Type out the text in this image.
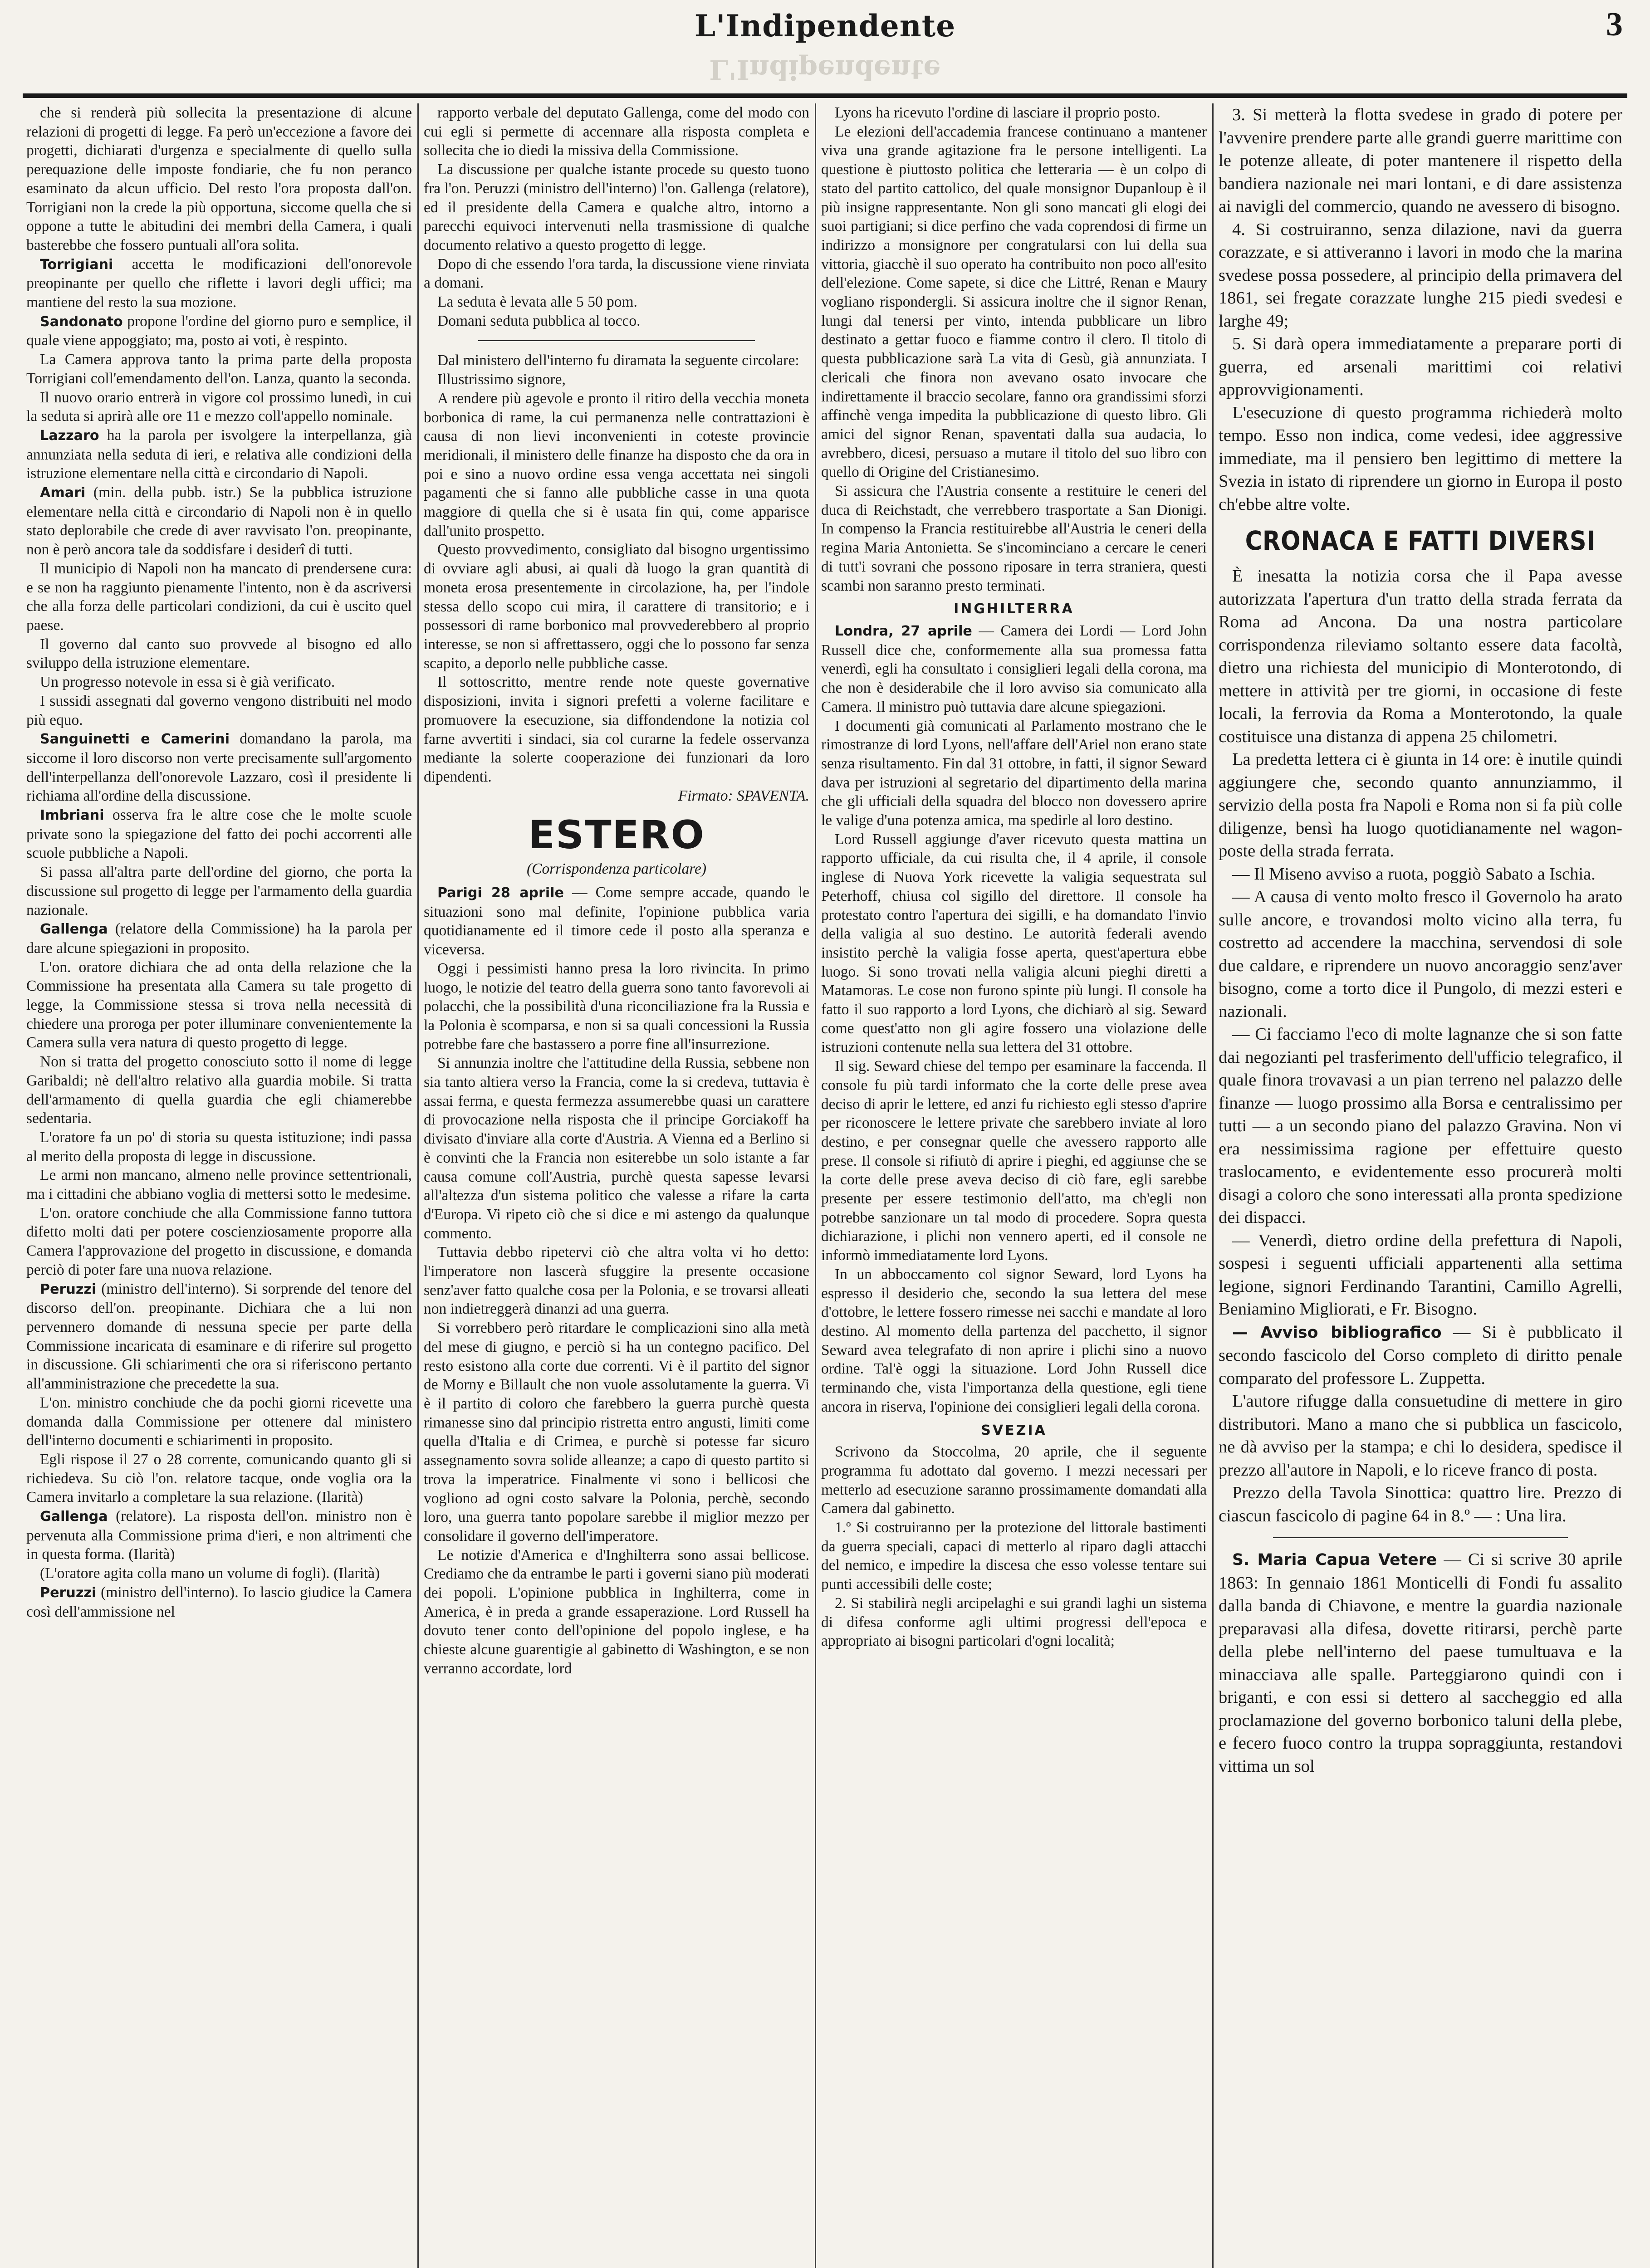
L'Indipendente
L'Indipendente	3

che si renderà più sollecita la presentazione di alcune relazioni di progetti di legge. Fa però un'eccezione a favore dei progetti, dichiarati d'urgenza e specialmente di quello sulla perequazione delle imposte fondiarie, che fu non peranco esaminato da alcun ufficio. Del resto l'ora proposta dall'on. Torrigiani non la crede la più opportuna, siccome quella che si oppone a tutte le abitudini dei membri della Camera, i quali basterebbe che fossero puntuali all'ora solita.

Torrigiani accetta le modificazioni dell'onorevole preopinante per quello che riflette i lavori degli uffici; ma mantiene del resto la sua mozione.

Sandonato propone l'ordine del giorno puro e semplice, il quale viene appoggiato; ma, posto ai voti, è respinto.

La Camera approva tanto la prima parte della proposta Torrigiani coll'emendamento dell'on. Lanza, quanto la seconda.

Il nuovo orario entrerà in vigore col prossimo lunedì, in cui la seduta si aprirà alle ore 11 e mezzo coll'appello nominale.

Lazzaro ha la parola per isvolgere la interpellanza, già annunziata nella seduta di ieri, e relativa alle condizioni della istruzione elementare nella città e circondario di Napoli.

Amari (min. della pubb. istr.) Se la pubblica istruzione elementare nella città e circondario di Napoli non è in quello stato deplorabile che crede di aver ravvisato l'on. preopinante, non è però ancora tale da soddisfare i desiderî di tutti.

Il municipio di Napoli non ha mancato di prendersene cura: e se non ha raggiunto pienamente l'intento, non è da ascriversi che alla forza delle particolari condizioni, da cui è uscito quel paese.

Il governo dal canto suo provvede al bisogno ed allo sviluppo della istruzione elementare.

Un progresso notevole in essa si è già verificato.

I sussidi assegnati dal governo vengono distribuiti nel modo più equo.

Sanguinetti e Camerini domandano la parola, ma siccome il loro discorso non verte precisamente sull'argomento dell'interpellanza dell'onorevole Lazzaro, così il presidente li richiama all'ordine della discussione.

Imbriani osserva fra le altre cose che le molte scuole private sono la spiegazione del fatto dei pochi accorrenti alle scuole pubbliche a Napoli.

Si passa all'altra parte dell'ordine del giorno, che porta la discussione sul progetto di legge per l'armamento della guardia nazionale.

Gallenga (relatore della Commissione) ha la parola per dare alcune spiegazioni in proposito.

L'on. oratore dichiara che ad onta della relazione che la Commissione ha presentata alla Camera su tale progetto di legge, la Commissione stessa si trova nella necessità di chiedere una proroga per poter illuminare convenientemente la Camera sulla vera natura di questo progetto di legge.

Non si tratta del progetto conosciuto sotto il nome di legge Garibaldi; nè dell'altro relativo alla guardia mobile. Si tratta dell'armamento di quella guardia che egli chiamerebbe sedentaria.

L'oratore fa un po' di storia su questa istituzione; indi passa al merito della proposta di legge in discussione.

Le armi non mancano, almeno nelle province settentrionali, ma i cittadini che abbiano voglia di mettersi sotto le medesime.

L'on. oratore conchiude che alla Commissione fanno tuttora difetto molti dati per potere coscienziosamente proporre alla Camera l'approvazione del progetto in discussione, e domanda perciò di poter fare una nuova relazione.

Peruzzi (ministro dell'interno). Si sorprende del tenore del discorso dell'on. preopinante. Dichiara che a lui non pervennero domande di nessuna specie per parte della Commissione incaricata di esaminare e di riferire sul progetto in discussione. Gli schiarimenti che ora si riferiscono pertanto all'amministrazione che precedette la sua.

L'on. ministro conchiude che da pochi giorni ricevette una domanda dalla Commissione per ottenere dal ministero dell'interno documenti e schiarimenti in proposito.

Egli rispose il 27 o 28 corrente, comunicando quanto gli si richiedeva. Su ciò l'on. relatore tacque, onde voglia ora la Camera invitarlo a completare la sua relazione. (Ilarità)

Gallenga (relatore). La risposta dell'on. ministro non è pervenuta alla Commissione prima d'ieri, e non altrimenti che in questa forma. (Ilarità)

(L'oratore agita colla mano un volume di fogli). (Ilarità)

Peruzzi (ministro dell'interno). Io lascio giudice la Camera così dell'ammissione nel

rapporto verbale del deputato Gallenga, come del modo con cui egli si permette di accennare alla risposta completa e sollecita che io diedi la missiva della Commissione.

La discussione per qualche istante procede su questo tuono fra l'on. Peruzzi (ministro dell'interno) l'on. Gallenga (relatore), ed il presidente della Camera e qualche altro, intorno a parecchi equivoci intervenuti nella trasmissione di qualche documento relativo a questo progetto di legge.

Dopo di che essendo l'ora tarda, la discussione viene rinviata a domani.

La seduta è levata alle 5 50 pom.

Domani seduta pubblica al tocco.

Dal ministero dell'interno fu diramata la seguente circolare:

Illustrissimo signore,

A rendere più agevole e pronto il ritiro della vecchia moneta borbonica di rame, la cui permanenza nelle contrattazioni è causa di non lievi inconvenienti in coteste provincie meridionali, il ministero delle finanze ha disposto che da ora in poi e sino a nuovo ordine essa venga accettata nei singoli pagamenti che si fanno alle pubbliche casse in una quota maggiore di quella che si è usata fin qui, come apparisce dall'unito prospetto.

Questo provvedimento, consigliato dal bisogno urgentissimo di ovviare agli abusi, ai quali dà luogo la gran quantità di moneta erosa presentemente in circolazione, ha, per l'indole stessa dello scopo cui mira, il carattere di transitorio; e i possessori di rame borbonico mal provvederebbero al proprio interesse, se non si affrettassero, oggi che lo possono far senza scapito, a deporlo nelle pubbliche casse.

Il sottoscritto, mentre rende note queste governative disposizioni, invita i signori prefetti a volerne facilitare e promuovere la esecuzione, sia diffondendone la notizia col farne avvertiti i sindaci, sia col curarne la fedele osservanza mediante la solerte cooperazione dei funzionari da loro dipendenti.

Firmato: SPAVENTA.

ESTERO
(Corrispondenza particolare)

Parigi 28 aprile — Come sempre accade, quando le situazioni sono mal definite, l'opinione pubblica varia quotidianamente ed il timore cede il posto alla speranza e viceversa.

Oggi i pessimisti hanno presa la loro rivincita. In primo luogo, le notizie del teatro della guerra sono tanto favorevoli ai polacchi, che la possibilità d'una riconciliazione fra la Russia e la Polonia è scomparsa, e non si sa quali concessioni la Russia potrebbe fare che bastassero a porre fine all'insurrezione.

Si annunzia inoltre che l'attitudine della Russia, sebbene non sia tanto altiera verso la Francia, come la si credeva, tuttavia è assai ferma, e questa fermezza assumerebbe quasi un carattere di provocazione nella risposta che il principe Gorciakoff ha divisato d'inviare alla corte d'Austria. A Vienna ed a Berlino si è convinti che la Francia non esiterebbe un solo istante a far causa comune coll'Austria, purchè questa sapesse levarsi all'altezza d'un sistema politico che valesse a rifare la carta d'Europa. Vi ripeto ciò che si dice e mi astengo da qualunque commento.

Tuttavia debbo ripetervi ciò che altra volta vi ho detto: l'imperatore non lascerà sfuggire la presente occasione senz'aver fatto qualche cosa per la Polonia, e se trovarsi alleati non indietreggerà dinanzi ad una guerra.

Si vorrebbero però ritardare le complicazioni sino alla metà del mese di giugno, e perciò si ha un contegno pacifico. Del resto esistono alla corte due correnti. Vi è il partito del signor de Morny e Billault che non vuole assolutamente la guerra. Vi è il partito di coloro che farebbero la guerra purchè questa rimanesse sino dal principio ristretta entro angusti, limiti come quella d'Italia e di Crimea, e purchè si potesse far sicuro assegnamento sovra solide alleanze; a capo di questo partito si trova la imperatrice. Finalmente vi sono i bellicosi che vogliono ad ogni costo salvare la Polonia, perchè, secondo loro, una guerra tanto popolare sarebbe il miglior mezzo per consolidare il governo dell'imperatore.

Le notizie d'America e d'Inghilterra sono assai bellicose. Crediamo che da entrambe le parti i governi siano più moderati dei popoli. L'opinione pubblica in Inghilterra, come in America, è in preda a grande essaperazione. Lord Russell ha dovuto tener conto dell'opinione del popolo inglese, e ha chieste alcune guarentigie al gabinetto di Washington, e se non verranno accordate, lord

Lyons ha ricevuto l'ordine di lasciare il proprio posto.

Le elezioni dell'accademia francese continuano a mantener viva una grande agitazione fra le persone intelligenti. La questione è piuttosto politica che letteraria — è un colpo di stato del partito cattolico, del quale monsignor Dupanloup è il più insigne rappresentante. Non gli sono mancati gli elogi dei suoi partigiani; si dice perfino che vada coprendosi di firme un indirizzo a monsignore per congratularsi con lui della sua vittoria, giacchè il suo operato ha contribuito non poco all'esito dell'elezione. Come sapete, si dice che Littré, Renan e Maury vogliano rispondergli. Si assicura inoltre che il signor Renan, lungi dal tenersi per vinto, intenda pubblicare un libro destinato a gettar fuoco e fiamme contro il clero. Il titolo di questa pubblicazione sarà La vita di Gesù, già annunziata. I clericali che finora non avevano osato invocare che indirettamente il braccio secolare, fanno ora grandissimi sforzi affinchè venga impedita la pubblicazione di questo libro. Gli amici del signor Renan, spaventati dalla sua audacia, lo avrebbero, dicesi, persuaso a mutare il titolo del suo libro con quello di Origine del Cristianesimo.

Si assicura che l'Austria consente a restituire le ceneri del duca di Reichstadt, che verrebbero trasportate a San Dionigi. In compenso la Francia restituirebbe all'Austria le ceneri della regina Maria Antonietta. Se s'incominciano a cercare le ceneri di tutt'i sovrani che possono riposare in terra straniera, questi scambi non saranno presto terminati.

INGHILTERRA

Londra, 27 aprile — Camera dei Lordi — Lord John Russell dice che, conformemente alla sua promessa fatta venerdì, egli ha consultato i consiglieri legali della corona, ma che non è desiderabile che il loro avviso sia comunicato alla Camera. Il ministro può tuttavia dare alcune spiegazioni.

I documenti già comunicati al Parlamento mostrano che le rimostranze di lord Lyons, nell'affare dell'Ariel non erano state senza risultamento. Fin dal 31 ottobre, in fatti, il signor Seward dava per istruzioni al segretario del dipartimento della marina che gli ufficiali della squadra del blocco non dovessero aprire le valige d'una potenza amica, ma spedirle al loro destino.

Lord Russell aggiunge d'aver ricevuto questa mattina un rapporto ufficiale, da cui risulta che, il 4 aprile, il console inglese di Nuova York ricevette la valigia sequestrata sul Peterhoff, chiusa col sigillo del direttore. Il console ha protestato contro l'apertura dei sigilli, e ha domandato l'invio della valigia al suo destino. Le autorità federali avendo insistito perchè la valigia fosse aperta, quest'apertura ebbe luogo. Si sono trovati nella valigia alcuni pieghi diretti a Matamoras. Le cose non furono spinte più lungi. Il console ha fatto il suo rapporto a lord Lyons, che dichiarò al sig. Seward come quest'atto non gli agire fossero una violazione delle istruzioni contenute nella sua lettera del 31 ottobre.

Il sig. Seward chiese del tempo per esaminare la faccenda. Il console fu più tardi informato che la corte delle prese avea deciso di aprir le lettere, ed anzi fu richiesto egli stesso d'aprire per riconoscere le lettere private che sarebbero inviate al loro destino, e per consegnar quelle che avessero rapporto alle prese. Il console si rifiutò di aprire i pieghi, ed aggiunse che se la corte delle prese aveva deciso di ciò fare, egli sarebbe presente per essere testimonio dell'atto, ma ch'egli non potrebbe sanzionare un tal modo di procedere. Sopra questa dichiarazione, i plichi non vennero aperti, ed il console ne informò immediatamente lord Lyons.

In un abboccamento col signor Seward, lord Lyons ha espresso il desiderio che, secondo la sua lettera del mese d'ottobre, le lettere fossero rimesse nei sacchi e mandate al loro destino. Al momento della partenza del pacchetto, il signor Seward avea telegrafato di non aprire i plichi sino a nuovo ordine. Tal'è oggi la situazione. Lord John Russell dice terminando che, vista l'importanza della questione, egli tiene ancora in riserva, l'opinione dei consiglieri legali della corona.

SVEZIA

Scrivono da Stoccolma, 20 aprile, che il seguente programma fu adottato dal governo. I mezzi necessari per metterlo ad esecuzione saranno prossimamente domandati alla Camera dal gabinetto.

1.º Si costruiranno per la protezione del littorale bastimenti da guerra speciali, capaci di metterlo al riparo dagli attacchi del nemico, e impedire la discesa che esso volesse tentare sui punti accessibili delle coste;

2. Si stabilirà negli arcipelaghi e sui grandi laghi un sistema di difesa conforme agli ultimi progressi dell'epoca e appropriato ai bisogni particolari d'ogni località;

3. Si metterà la flotta svedese in grado di potere per l'avvenire prendere parte alle grandi guerre marittime con le potenze alleate, di poter mantenere il rispetto della bandiera nazionale nei mari lontani, e di dare assistenza ai navigli del commercio, quando ne avessero di bisogno.

4. Si costruiranno, senza dilazione, navi da guerra corazzate, e si attiveranno i lavori in modo che la marina svedese possa possedere, al principio della primavera del 1861, sei fregate corazzate lunghe 215 piedi svedesi e larghe 49;

5. Si darà opera immediatamente a preparare porti di guerra, ed arsenali marittimi coi relativi approvvigionamenti.

L'esecuzione di questo programma richiederà molto tempo. Esso non indica, come vedesi, idee aggressive immediate, ma il pensiero ben legittimo di mettere la Svezia in istato di riprendere un giorno in Europa il posto ch'ebbe altre volte.

CRONACA E FATTI DIVERSI

È inesatta la notizia corsa che il Papa avesse autorizzata l'apertura d'un tratto della strada ferrata da Roma ad Ancona. Da una nostra particolare corrispondenza rileviamo soltanto essere data facoltà, dietro una richiesta del municipio di Monterotondo, di mettere in attività per tre giorni, in occasione di feste locali, la ferrovia da Roma a Monterotondo, la quale costituisce una distanza di appena 25 chilometri.

La predetta lettera ci è giunta in 14 ore: è inutile quindi aggiungere che, secondo quanto annunziammo, il servizio della posta fra Napoli e Roma non si fa più colle diligenze, bensì ha luogo quotidianamente nel wagon-poste della strada ferrata.

— Il Miseno avviso a ruota, poggiò Sabato a Ischia.

— A causa di vento molto fresco il Governolo ha arato sulle ancore, e trovandosi molto vicino alla terra, fu costretto ad accendere la macchina, servendosi di sole due caldare, e riprendere un nuovo ancoraggio senz'aver bisogno, come a torto dice il Pungolo, di mezzi esteri e nazionali.

— Ci facciamo l'eco di molte lagnanze che si son fatte dai negozianti pel trasferimento dell'ufficio telegrafico, il quale finora trovavasi a un pian terreno nel palazzo delle finanze — luogo prossimo alla Borsa e centralissimo per tutti — a un secondo piano del palazzo Gravina. Non vi era nessimissima ragione per effettuire questo traslocamento, e evidentemente esso procurerà molti disagi a coloro che sono interessati alla pronta spedizione dei dispacci.

— Venerdì, dietro ordine della prefettura di Napoli, sospesi i seguenti ufficiali appartenenti alla settima legione, signori Ferdinando Tarantini, Camillo Agrelli, Beniamino Migliorati, e Fr. Bisogno.

— Avviso bibliografico — Si è pubblicato il secondo fascicolo del Corso completo di diritto penale comparato del professore L. Zuppetta.

L'autore rifugge dalla consuetudine di mettere in giro distributori. Mano a mano che si pubblica un fascicolo, ne dà avviso per la stampa; e chi lo desidera, spedisce il prezzo all'autore in Napoli, e lo riceve franco di posta.

Prezzo della Tavola Sinottica: quattro lire. Prezzo di ciascun fascicolo di pagine 64 in 8.º — : Una lira.

S. Maria Capua Vetere — Ci si scrive 30 aprile 1863: In gennaio 1861 Monticelli di Fondi fu assalito dalla banda di Chiavone, e mentre la guardia nazionale preparavasi alla difesa, dovette ritirarsi, perchè parte della plebe nell'interno del paese tumultuava e la minacciava alle spalle. Parteggiarono quindi con i briganti, e con essi si dettero al saccheggio ed alla proclamazione del governo borbonico taluni della plebe, e fecero fuoco contro la truppa sopraggiunta, restandovi vittima un sol
